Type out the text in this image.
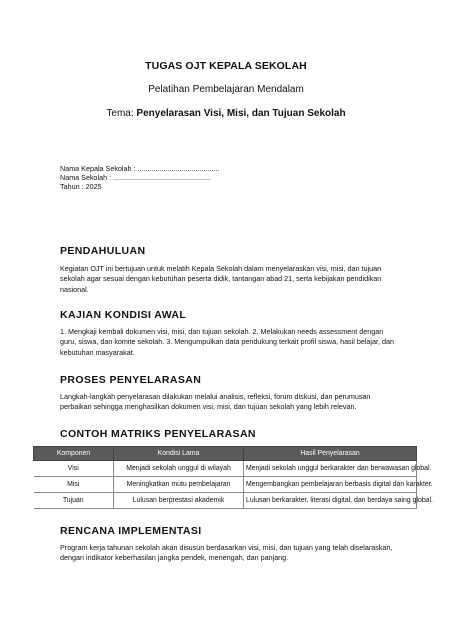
TUGAS OJT KEPALA SEKOLAH
Pelatihan Pembelajaran Mendalam
Tema: Penyelarasan Visi, Misi, dan Tujuan Sekolah
Nama Kepala Sekolah : .........................................
Nama Sekolah : .................................................
Tahun : 2025
PENDAHULUAN
Kegiatan OJT ini bertujuan untuk melatih Kepala Sekolah dalam menyelaraskan visi, misi, dan tujuan sekolah agar sesuai dengan kebutuhan peserta didik, tantangan abad 21, serta kebijakan pendidikan nasional.
KAJIAN KONDISI AWAL
1. Mengkaji kembali dokumen visi, misi, dan tujuan sekolah. 2. Melakukan needs assessment dengan guru, siswa, dan komite sekolah. 3. Mengumpulkan data pendukung terkait profil siswa, hasil belajar, dan kebutuhan masyarakat.
PROSES PENYELARASAN
Langkah-langkah penyelarasan dilakukan melalui analisis, refleksi, forum diskusi, dan perumusan perbaikan sehingga menghasilkan dokumen visi, misi, dan tujuan sekolah yang lebih relevan.
CONTOH MATRIKS PENYELARASAN
Komponen	Kondisi Lama	Hasil Penyelarasan
Visi	Menjadi sekolah unggul di wilayah	Menjadi sekolah unggul berkarakter dan berwawasan global.
Misi	Meningkatkan mutu pembelajaran	Mengembangkan pembelajaran berbasis digital dan karakter.
Tujuan	Lulusan berprestasi akademik	Lulusan berkarakter, literasi digital, dan berdaya saing global.
RENCANA IMPLEMENTASI
Program kerja tahunan sekolah akan disusun berdasarkan visi, misi, dan tujuan yang telah diselaraskan, dengan indikator keberhasilan jangka pendek, menengah, dan panjang.
